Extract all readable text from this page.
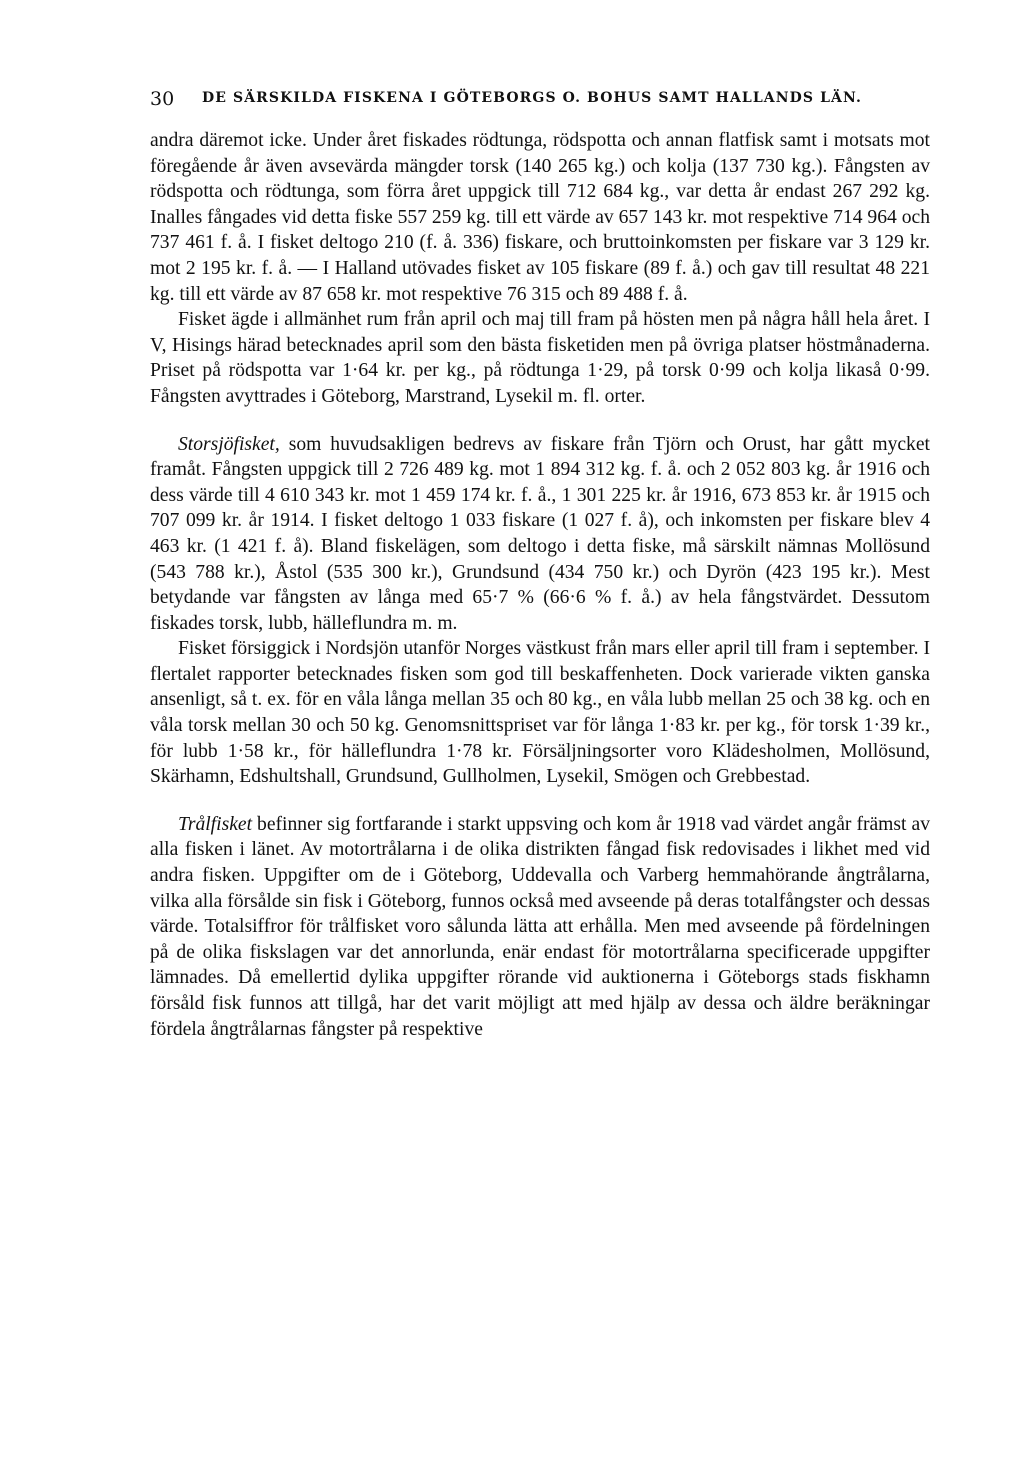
30 DE SÄRSKILDA FISKENA I GÖTEBORGS O. BOHUS SAMT HALLANDS LÄN.

andra däremot icke. Under året fiskades rödtunga, rödspotta och annan flatfisk samt i motsats mot föregående år även avsevärda mängder torsk (140 265 kg.) och kolja (137 730 kg.). Fångsten av rödspotta och rödtunga, som förra året uppgick till 712 684 kg., var detta år endast 267 292 kg. Inalles fångades vid detta fiske 557 259 kg. till ett värde av 657 143 kr. mot respektive 714 964 och 737 461 f. å. I fisket deltogo 210 (f. å. 336) fiskare, och bruttoinkomsten per fiskare var 3 129 kr. mot 2 195 kr. f. å. — I Halland utövades fisket av 105 fiskare (89 f. å.) och gav till resultat 48 221 kg. till ett värde av 87 658 kr. mot respektive 76 315 och 89 488 f. å.

Fisket ägde i allmänhet rum från april och maj till fram på hösten men på några håll hela året. I V, Hisings härad betecknades april som den bästa fisketiden men på övriga platser höstmånaderna. Priset på rödspotta var 1·64 kr. per kg., på rödtunga 1·29, på torsk 0·99 och kolja likaså 0·99. Fångsten avyttrades i Göteborg, Marstrand, Lysekil m. fl. orter.

Storsjöfisket, som huvudsakligen bedrevs av fiskare från Tjörn och Orust, har gått mycket framåt. Fångsten uppgick till 2 726 489 kg. mot 1 894 312 kg. f. å. och 2 052 803 kg. år 1916 och dess värde till 4 610 343 kr. mot 1 459 174 kr. f. å., 1 301 225 kr. år 1916, 673 853 kr. år 1915 och 707 099 kr. år 1914. I fisket deltogo 1 033 fiskare (1 027 f. å), och inkomsten per fiskare blev 4 463 kr. (1 421 f. å). Bland fiskelägen, som deltogo i detta fiske, må särskilt nämnas Mollösund (543 788 kr.), Åstol (535 300 kr.), Grundsund (434 750 kr.) och Dyrön (423 195 kr.). Mest betydande var fångsten av långa med 65·7 % (66·6 % f. å.) av hela fångstvärdet. Dessutom fiskades torsk, lubb, hälleflundra m. m.

Fisket försiggick i Nordsjön utanför Norges västkust från mars eller april till fram i september. I flertalet rapporter betecknades fisken som god till beskaffenheten. Dock varierade vikten ganska ansenligt, så t. ex. för en våla långa mellan 35 och 80 kg., en våla lubb mellan 25 och 38 kg. och en våla torsk mellan 30 och 50 kg. Genomsnittspriset var för långa 1·83 kr. per kg., för torsk 1·39 kr., för lubb 1·58 kr., för hälleflundra 1·78 kr. Försäljningsorter voro Klädesholmen, Mollösund, Skärhamn, Edshultshall, Grundsund, Gullholmen, Lysekil, Smögen och Grebbestad.

Trålfisket befinner sig fortfarande i starkt uppsving och kom år 1918 vad värdet angår främst av alla fisken i länet. Av motortrålarna i de olika distrikten fångad fisk redovisades i likhet med vid andra fisken. Uppgifter om de i Göteborg, Uddevalla och Varberg hemmahörande ångtrålarna, vilka alla försålde sin fisk i Göteborg, funnos också med avseende på deras totalfångster och dessas värde. Totalsiffror för trålfisket voro sålunda lätta att erhålla. Men med avseende på fördelningen på de olika fiskslagen var det annorlunda, enär endast för motortrålarna specificerade uppgifter lämnades. Då emellertid dylika uppgifter rörande vid auktionerna i Göteborgs stads fiskhamn försåld fisk funnos att tillgå, har det varit möjligt att med hjälp av dessa och äldre beräkningar fördela ångtrålarnas fångster på respektive
